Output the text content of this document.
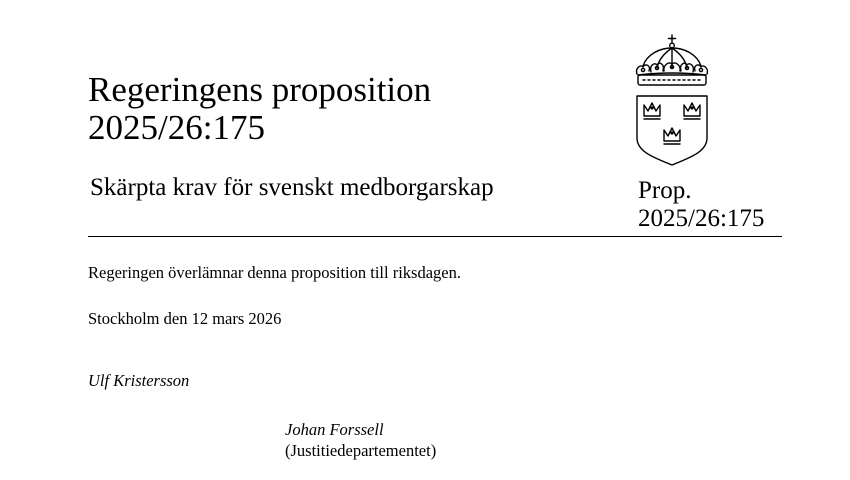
Regeringens proposition
2025/26:175
Skärpta krav för svenskt medborgarskap	Prop.
2025/26:175
Regeringen överlämnar denna proposition till riksdagen.
Stockholm den 12 mars 2026
Ulf Kristersson
Johan Forssell
(Justitiedepartementet)
